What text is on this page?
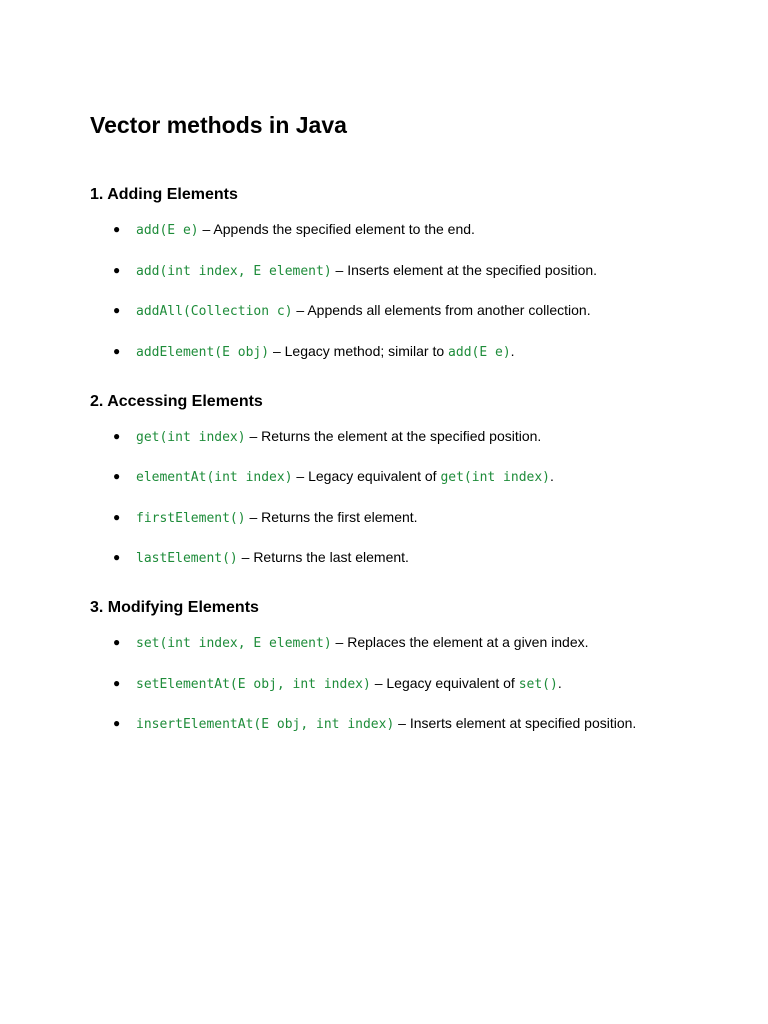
Vector methods in Java
1. Adding Elements
● add(E e) – Appends the specified element to the end.
● add(int index, E element) – Inserts element at the specified position.
● addAll(Collection c) – Appends all elements from another collection.
● addElement(E obj) – Legacy method; similar to add(E e).
2. Accessing Elements
● get(int index) – Returns the element at the specified position.
● elementAt(int index) – Legacy equivalent of get(int index).
● firstElement() – Returns the first element.
● lastElement() – Returns the last element.
3. Modifying Elements
● set(int index, E element) – Replaces the element at a given index.
● setElementAt(E obj, int index) – Legacy equivalent of set().
● insertElementAt(E obj, int index) – Inserts element at specified position.
